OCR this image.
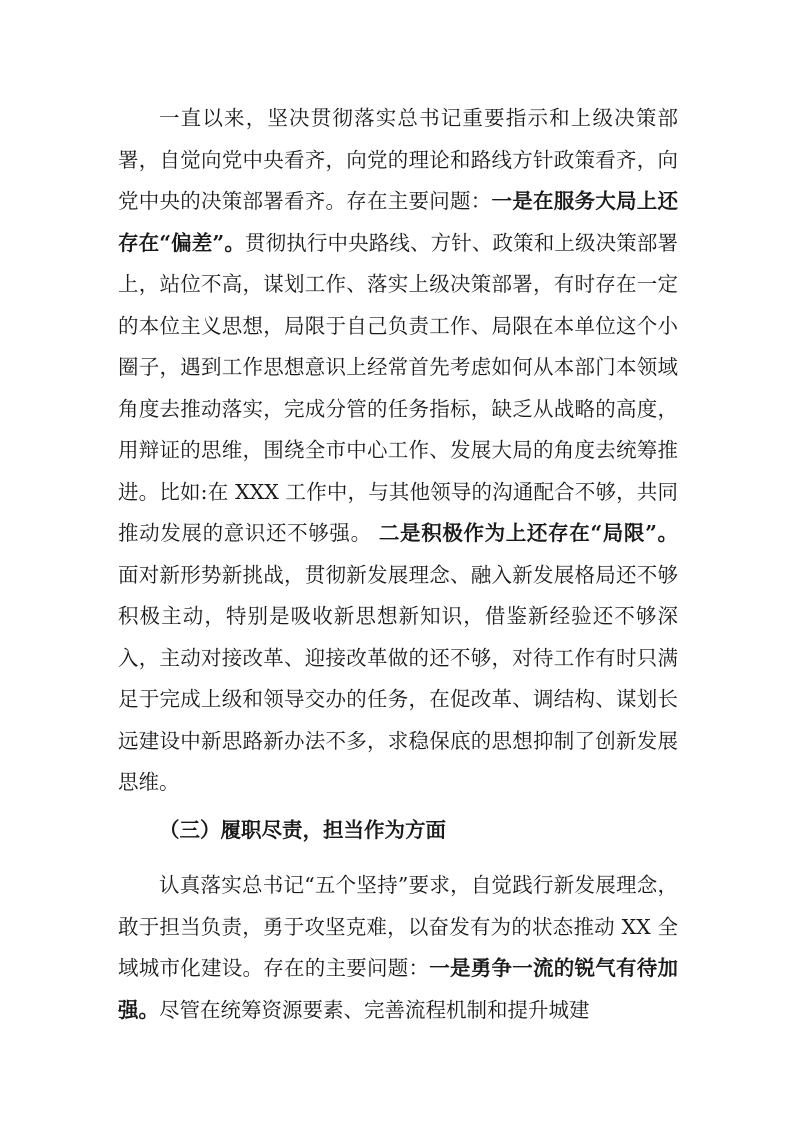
一直以来，坚决贯彻落实总书记重要指示和上级决策部署，自觉向党中央看齐，向党的理论和路线方针政策看齐，向党中央的决策部署看齐。存在主要问题：一是在服务大局上还存在“偏差”。贯彻执行中央路线、方针、政策和上级决策部署上，站位不高，谋划工作、落实上级决策部署，有时存在一定的本位主义思想，局限于自己负责工作、局限在本单位这个小圈子，遇到工作思想意识上经常首先考虑如何从本部门本领域角度去推动落实，完成分管的任务指标，缺乏从战略的高度，用辩证的思维，围绕全市中心工作、发展大局的角度去统筹推进。比如:在 XXX 工作中，与其他领导的沟通配合不够，共同推动发展的意识还不够强。 二是积极作为上还存在“局限”。面对新形势新挑战，贯彻新发展理念、融入新发展格局还不够积极主动，特别是吸收新思想新知识，借鉴新经验还不够深入，主动对接改革、迎接改革做的还不够，对待工作有时只满足于完成上级和领导交办的任务，在促改革、调结构、谋划长远建设中新思路新办法不多，求稳保底的思想抑制了创新发展思维。

（三）履职尽责，担当作为方面

认真落实总书记“五个坚持”要求，自觉践行新发展理念，敢于担当负责，勇于攻坚克难，以奋发有为的状态推动 XX 全域城市化建设。存在的主要问题：一是勇争一流的锐气有待加强。尽管在统筹资源要素、完善流程机制和提升城建
